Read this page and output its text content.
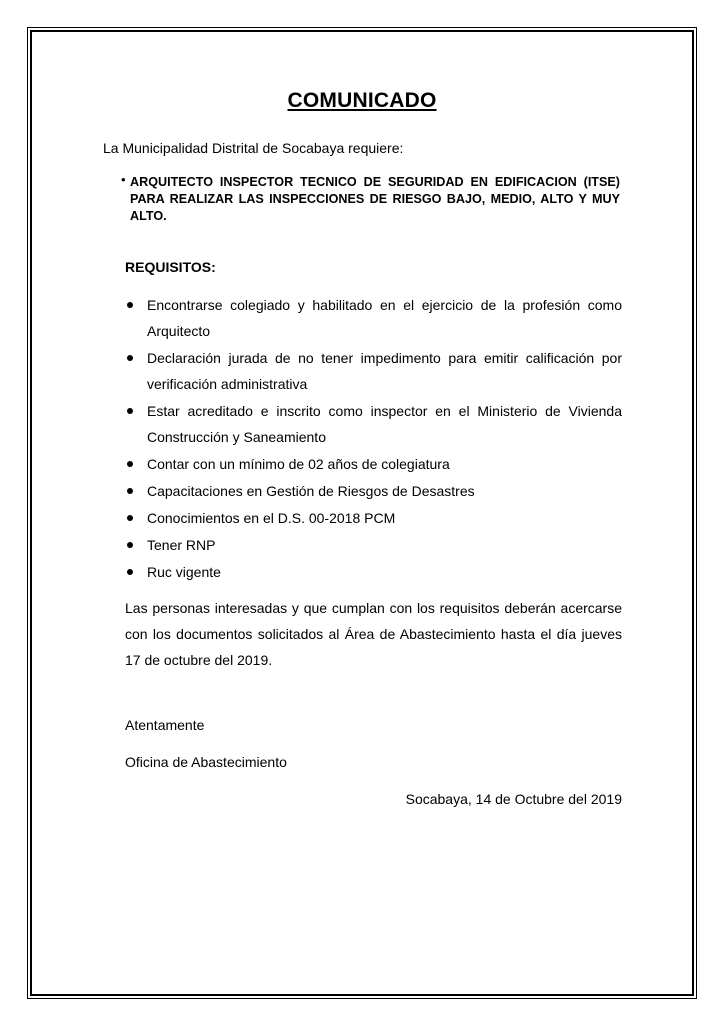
COMUNICADO
La Municipalidad Distrital de Socabaya requiere:
• ARQUITECTO INSPECTOR TECNICO DE SEGURIDAD EN EDIFICACION (ITSE) PARA REALIZAR LAS INSPECCIONES DE RIESGO BAJO, MEDIO, ALTO Y MUY ALTO.
REQUISITOS:
Encontrarse colegiado y habilitado en el ejercicio de la profesión como Arquitecto
Declaración jurada de no tener impedimento para emitir calificación por verificación administrativa
Estar acreditado e inscrito como inspector en el Ministerio de Vivienda Construcción y Saneamiento
Contar con un mínimo de 02 años de colegiatura
Capacitaciones en Gestión de Riesgos de Desastres
Conocimientos en el D.S. 00-2018 PCM
Tener RNP
Ruc vigente
Las personas interesadas y que cumplan con los requisitos deberán acercarse con los documentos solicitados al Área de Abastecimiento hasta el día jueves 17 de octubre del 2019.
Atentamente
Oficina de Abastecimiento
Socabaya, 14 de Octubre del 2019
